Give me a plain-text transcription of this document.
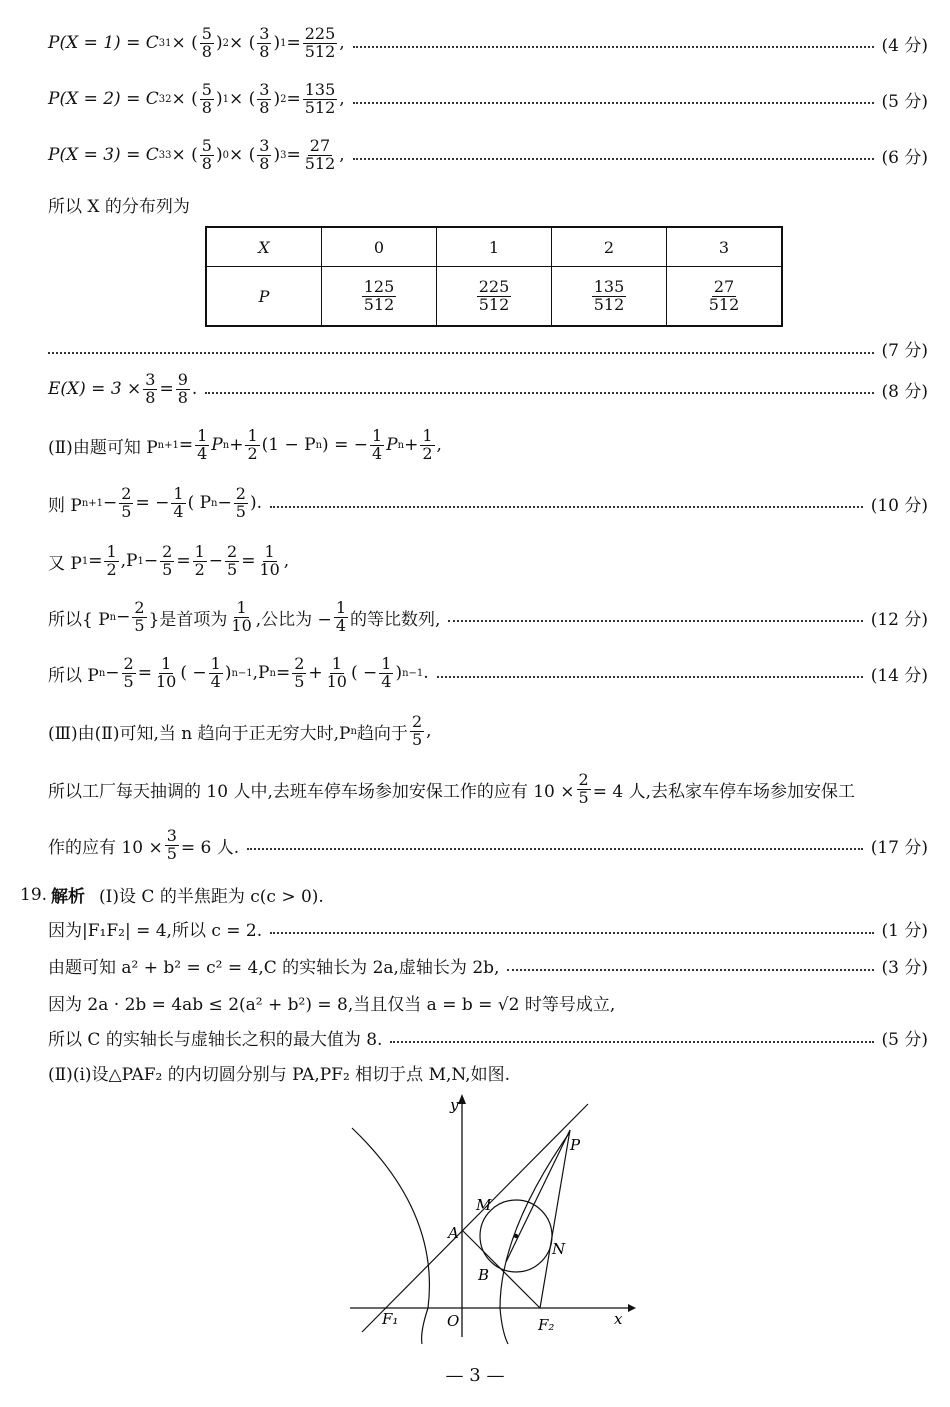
P(X = 1) = C 3 1 × ( $\frac{5}{8}$ ) 2 × ( $\frac{3}{8}$ ) $1 = \frac{225}{512}$ ,	(4 分)
P(X = 2) = C 3 2 × ( $\frac{5}{8}$ ) 1 × ( $\frac{3}{8}$ ) $2 = \frac{135}{512}$ ,	(5 分)
P(X = 3) = C 3 3 × ( $\frac{5}{8}$ ) 0 × ( $\frac{3}{8}$ ) $3 = \frac{27}{512}$ ,	(6 分)
所以 X 的分布列为
X	0	1	2	3
P	$\frac{125}{512}$	$\frac{225}{512}$	$\frac{135}{512}$	$\frac{27}{512}$
(7 分)
$E(X) = 3 \times \frac{3}{8} = \frac{9}{8}$ .	(8 分)
(Ⅱ)由题可知 P $n+1 = \frac{1}{4}$ P $n + \frac{1}{2} (1 - P$ n ) = − $\frac{1}{4}$ P $n + \frac{1}{2}$ ,
则 P $n+1 - \frac{2}{5}$ = − $\frac{1}{4}$ ( P $n - \frac{2}{5}$ ).	(10 分)
又 P $1 = \frac{1}{2} ,P$ $1 - \frac{2}{5} = \frac{1}{2} - \frac{2}{5} = \frac{1}{10}$ ,
所以{ P $n - \frac{2}{5}$ }是首项为 $\frac{1}{10}$ ,公比为 − $\frac{1}{4}$ 的等比数列,	(12 分)
所以 P $n - \frac{2}{5} = \frac{1}{10}$ ( − $\frac{1}{4}$ ) n−1 ,P $n = \frac{2}{5} + \frac{1}{10}$ ( − $\frac{1}{4}$ ) n−1 .	(14 分)
(Ⅲ)由(Ⅱ)可知,当 n 趋向于正无穷大时,P n 趋向于 $\frac{2}{5}$ ,
所以工厂每天抽调的 10 人中,去班车停车场参加安保工作的应有 $10 \times \frac{2}{5} = 4$ 人,去私家车停车场参加安保工
作的应有 $10 \times \frac{3}{5} = 6$ 人.	(17 分)
19. 解析 (Ⅰ)设 C 的半焦距为 c(c > 0).
因为|F₁F₂| = 4,所以 c = 2.	(1 分)
由题可知 a² + b² = c² = 4,C 的实轴长为 2a,虚轴长为 2b,	(3 分)
因为 2a · 2b = 4ab ≤ 2(a² + b²) = 8,当且仅当 a = b = √2 时等号成立,
所以 C 的实轴长与虚轴长之积的最大值为 8.	(5 分)
(Ⅱ)(ⅰ)设△PAF₂ 的内切圆分别与 PA,PF₂ 相切于点 M,N,如图.
y
x
O
A
B
M
N
P
F₁	F₂
— 3 —
